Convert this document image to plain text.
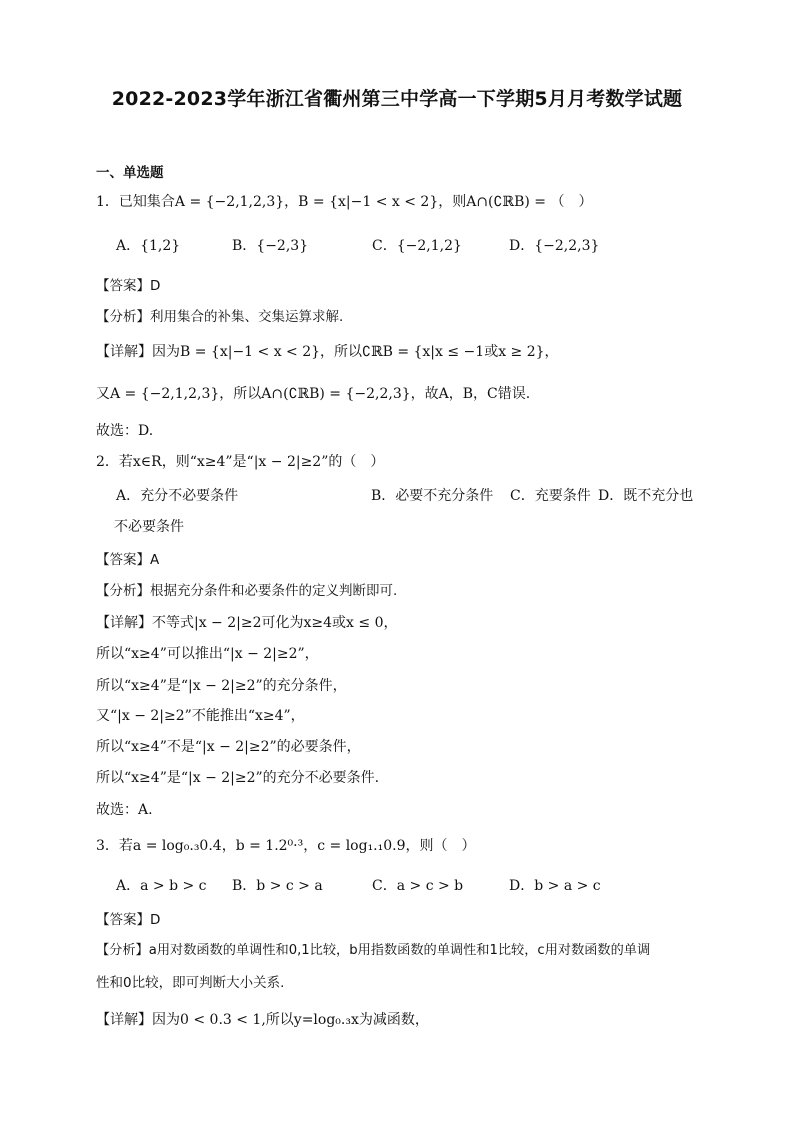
2022-2023学年浙江省衢州第三中学高一下学期5月月考数学试题
一、单选题
1．已知集合A = {−2,1,2,3}，B = {x|−1 < x < 2}，则A∩(∁ℝB) = （　）
A．{1,2}	B．{−2,3}	C．{−2,1,2}	D．{−2,2,3}
【答案】D
【分析】利用集合的补集、交集运算求解.
【详解】因为B = {x|−1 < x < 2}，所以∁ℝB = {x|x ≤ −1或x ≥ 2}，
又A = {−2,1,2,3}，所以A∩(∁ℝB) = {−2,2,3}，故A，B，C错误.
故选：D.
2．若x∈R，则“x≥4”是“|x − 2|≥2”的（　）
A．充分不必要条件	B．必要不充分条件 C．充要条件 D．既不充分也
不必要条件
【答案】A
【分析】根据充分条件和必要条件的定义判断即可.
【详解】不等式|x − 2|≥2可化为x≥4或x ≤ 0，
所以“x≥4”可以推出“|x − 2|≥2”，
所以“x≥4”是“|x − 2|≥2”的充分条件，
又“|x − 2|≥2”不能推出“x≥4”，
所以“x≥4”不是“|x − 2|≥2”的必要条件，
所以“x≥4”是“|x − 2|≥2”的充分不必要条件.
故选：A.
3．若a = log₀.₃0.4，b = 1.2⁰·³，c = log₁.₁0.9，则（　）
A．a > b > c B．b > c > a	C．a > c > b	D．b > a > c
【答案】D
【分析】a用对数函数的单调性和0,1比较，b用指数函数的单调性和1比较，c用对数函数的单调
性和0比较，即可判断大小关系.
【详解】因为0 < 0.3 < 1,所以y=log₀.₃x为减函数，
